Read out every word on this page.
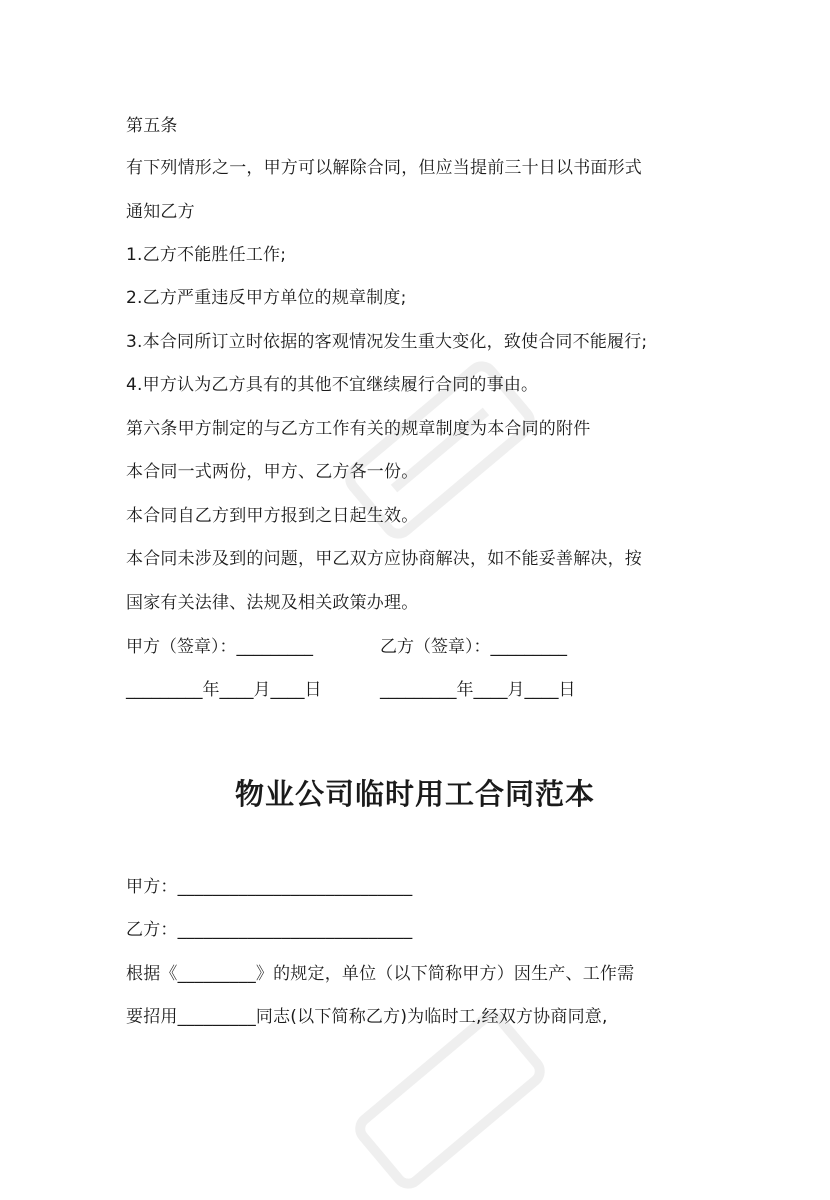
第五条
有下列情形之一，甲方可以解除合同，但应当提前三十日以书面形式
通知乙方
1.乙方不能胜任工作;
2.乙方严重违反甲方单位的规章制度;
3.本合同所订立时依据的客观情况发生重大变化，致使合同不能履行;
4.甲方认为乙方具有的其他不宜继续履行合同的事由。
第六条甲方制定的与乙方工作有关的规章制度为本合同的附件
本合同一式两份，甲方、乙方各一份。
本合同自乙方到甲方报到之日起生效。
本合同未涉及到的问题，甲乙双方应协商解决，如不能妥善解决，按
国家有关法律、法规及相关政策办理。
甲方（签章）：_________	乙方（签章）：_________
_________年____月____日	_________年____月____日
物业公司临时用工合同范本
甲方：___________________________
乙方：___________________________
根据《_________》的规定，单位（以下简称甲方）因生产、工作需
要招用_________同志(以下简称乙方)为临时工,经双方协商同意,
